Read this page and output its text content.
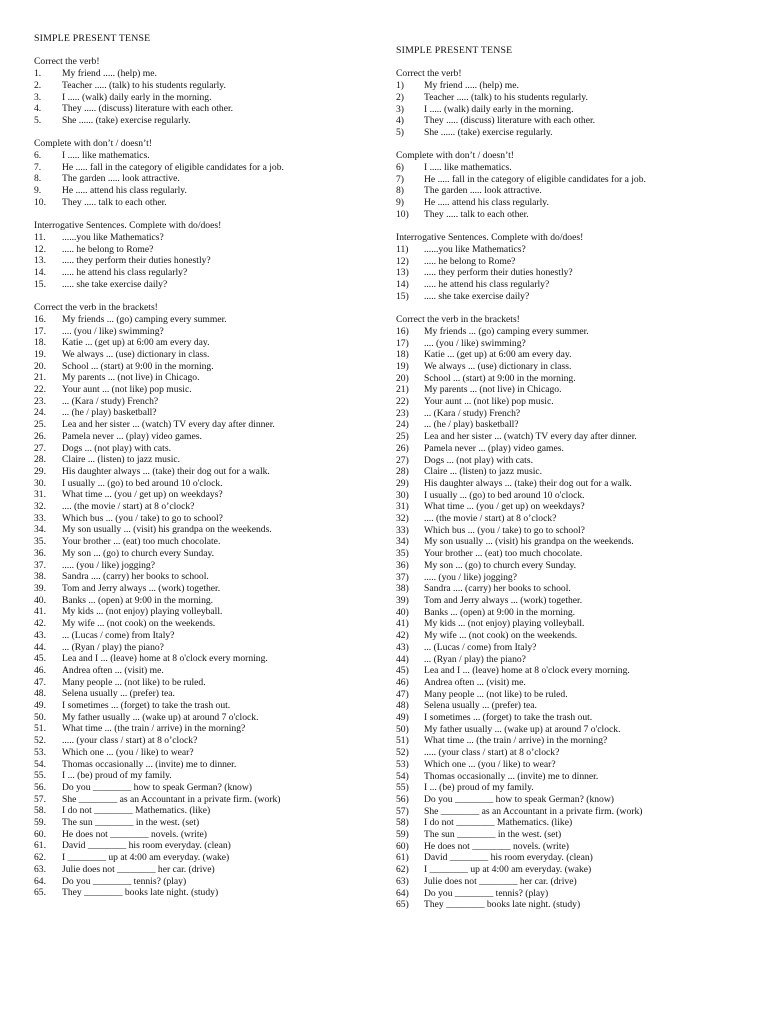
SIMPLE PRESENT TENSE
Correct the verb!
1.	My friend ..... (help) me.
2.	Teacher ..... (talk) to his students regularly.
3.	I ..... (walk) daily early in the morning.
4.	They ..... (discuss) literature with each other.
5.	She ...... (take) exercise regularly.
Complete with don’t / doesn’t!
6.	I ..... like mathematics.
7.	He ..... fall in the category of eligible candidates for a job.
8.	The garden ..... look attractive.
9.	He ..... attend his class regularly.
10.	They ..... talk to each other.
Interrogative Sentences. Complete with do/does!
11.	......you like Mathematics?
12.	..... he belong to Rome?
13.	..... they perform their duties honestly?
14.	..... he attend his class regularly?
15.	..... she take exercise daily?
Correct the verb in the brackets!
16.	My friends ... (go) camping every summer.
17.	.... (you / like) swimming?
18.	Katie ... (get up) at 6:00 am every day.
19.	We always ... (use) dictionary in class.
20.	School ... (start) at 9:00 in the morning.
21.	My parents ... (not live) in Chicago.
22.	Your aunt ... (not like) pop music.
23.	... (Kara / study) French?
24.	... (he / play) basketball?
25.	Lea and her sister ... (watch) TV every day after dinner.
26.	Pamela never ... (play) video games.
27.	Dogs ... (not play) with cats.
28.	Claire ... (listen) to jazz music.
29.	His daughter always ... (take) their dog out for a walk.
30.	I usually ... (go) to bed around 10 o'clock.
31.	What time ... (you / get up) on weekdays?
32.	.... (the movie / start) at 8 o’clock?
33.	Which bus ... (you / take) to go to school?
34.	My son usually ... (visit) his grandpa on the weekends.
35.	Your brother ... (eat) too much chocolate.
36.	My son ... (go) to church every Sunday.
37.	..... (you / like) jogging?
38.	Sandra .... (carry) her books to school.
39.	Tom and Jerry always ... (work) together.
40.	Banks ... (open) at 9:00 in the morning.
41.	My kids ... (not enjoy) playing volleyball.
42.	My wife ... (not cook) on the weekends.
43.	... (Lucas / come) from Italy?
44.	... (Ryan / play) the piano?
45.	Lea and I ... (leave) home at 8 o'clock every morning.
46.	Andrea often ... (visit) me.
47.	Many people ... (not like) to be ruled.
48.	Selena usually ... (prefer) tea.
49.	I sometimes ... (forget) to take the trash out.
50.	My father usually ... (wake up) at around 7 o'clock.
51.	What time ... (the train / arrive) in the morning?
52.	..... (your class / start) at 8 o’clock?
53.	Which one ... (you / like) to wear?
54.	Thomas occasionally ... (invite) me to dinner.
55.	I ... (be) proud of my family.
56.	Do you ________ how to speak German? (know)
57.	She ________ as an Accountant in a private firm. (work)
58.	I do not ________ Mathematics. (like)
59.	The sun ________ in the west. (set)
60.	He does not ________ novels. (write)
61.	David ________ his room everyday. (clean)
62.	I ________ up at 4:00 am everyday. (wake)
63.	Julie does not ________ her car. (drive)
64.	Do you ________ tennis? (play)
65.	They ________ books late night. (study)
SIMPLE PRESENT TENSE
Correct the verb!
1)	My friend ..... (help) me.
2)	Teacher ..... (talk) to his students regularly.
3)	I ..... (walk) daily early in the morning.
4)	They ..... (discuss) literature with each other.
5)	She ...... (take) exercise regularly.
Complete with don’t / doesn’t!
6)	I ..... like mathematics.
7)	He ..... fall in the category of eligible candidates for a job.
8)	The garden ..... look attractive.
9)	He ..... attend his class regularly.
10)	They ..... talk to each other.
Interrogative Sentences. Complete with do/does!
11)	......you like Mathematics?
12)	..... he belong to Rome?
13)	..... they perform their duties honestly?
14)	..... he attend his class regularly?
15)	..... she take exercise daily?
Correct the verb in the brackets!
16)	My friends ... (go) camping every summer.
17)	.... (you / like) swimming?
18)	Katie ... (get up) at 6:00 am every day.
19)	We always ... (use) dictionary in class.
20)	School ... (start) at 9:00 in the morning.
21)	My parents ... (not live) in Chicago.
22)	Your aunt ... (not like) pop music.
23)	... (Kara / study) French?
24)	... (he / play) basketball?
25)	Lea and her sister ... (watch) TV every day after dinner.
26)	Pamela never ... (play) video games.
27)	Dogs ... (not play) with cats.
28)	Claire ... (listen) to jazz music.
29)	His daughter always ... (take) their dog out for a walk.
30)	I usually ... (go) to bed around 10 o'clock.
31)	What time ... (you / get up) on weekdays?
32)	.... (the movie / start) at 8 o’clock?
33)	Which bus ... (you / take) to go to school?
34)	My son usually ... (visit) his grandpa on the weekends.
35)	Your brother ... (eat) too much chocolate.
36)	My son ... (go) to church every Sunday.
37)	..... (you / like) jogging?
38)	Sandra .... (carry) her books to school.
39)	Tom and Jerry always ... (work) together.
40)	Banks ... (open) at 9:00 in the morning.
41)	My kids ... (not enjoy) playing volleyball.
42)	My wife ... (not cook) on the weekends.
43)	... (Lucas / come) from Italy?
44)	... (Ryan / play) the piano?
45)	Lea and I ... (leave) home at 8 o'clock every morning.
46)	Andrea often ... (visit) me.
47)	Many people ... (not like) to be ruled.
48)	Selena usually ... (prefer) tea.
49)	I sometimes ... (forget) to take the trash out.
50)	My father usually ... (wake up) at around 7 o'clock.
51)	What time ... (the train / arrive) in the morning?
52)	..... (your class / start) at 8 o’clock?
53)	Which one ... (you / like) to wear?
54)	Thomas occasionally ... (invite) me to dinner.
55)	I ... (be) proud of my family.
56)	Do you ________ how to speak German? (know)
57)	She ________ as an Accountant in a private firm. (work)
58)	I do not ________ Mathematics. (like)
59)	The sun ________ in the west. (set)
60)	He does not ________ novels. (write)
61)	David ________ his room everyday. (clean)
62)	I ________ up at 4:00 am everyday. (wake)
63)	Julie does not ________ her car. (drive)
64)	Do you ________ tennis? (play)
65)	They ________ books late night. (study)
